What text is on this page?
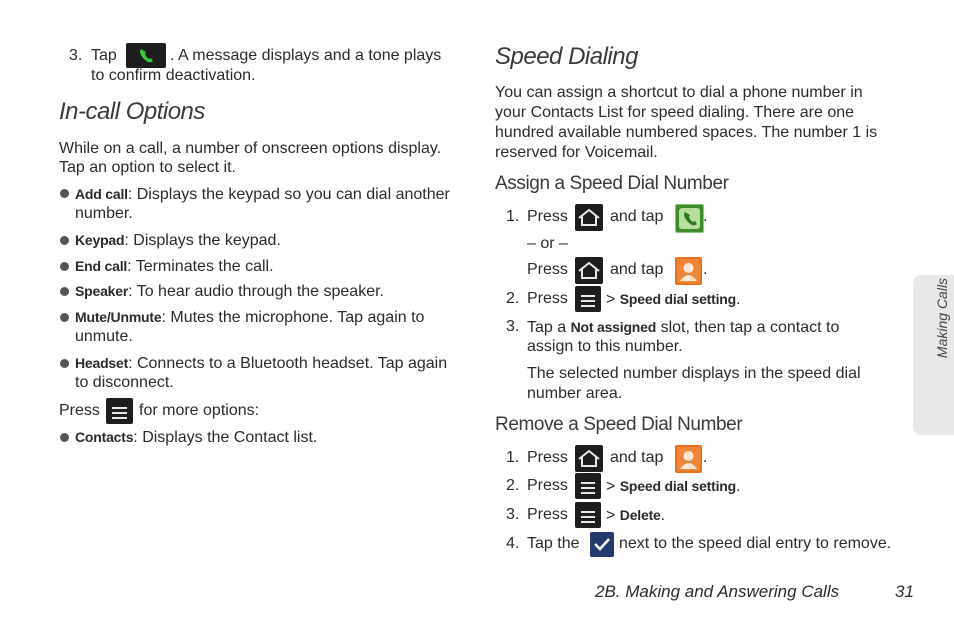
3. Tap	. A message displays and a tone plays
to confirm deactivation.
In-call Options
While on a call, a number of onscreen options display.
Tap an option to select it.
Add call: Displays the keypad so you can dial another
number.
Keypad: Displays the keypad.
End call: Terminates the call.
Speaker: To hear audio through the speaker.
Mute/Unmute: Mutes the microphone. Tap again to
unmute.
Headset: Connects to a Bluetooth headset. Tap again
to disconnect.
Press for more options:
Contacts: Displays the Contact list.
Speed Dialing
You can assign a shortcut to dial a phone number in
your Contacts List for speed dialing. There are one
hundred available numbered spaces. The number 1 is
reserved for Voicemail.
Assign a Speed Dial Number
1. Press	and tap .
– or –
Press	and tap .
2. Press > Speed dial setting.
3. Tap a Not assigned slot, then tap a contact to
assign to this number.
The selected number displays in the speed dial
number area.
Remove a Speed Dial Number
1. Press	and tap .
2. Press > Speed dial setting.
3. Press > Delete.
4. Tap the next to the speed dial entry to remove.
Making Calls
2B. Making and Answering Calls	31
